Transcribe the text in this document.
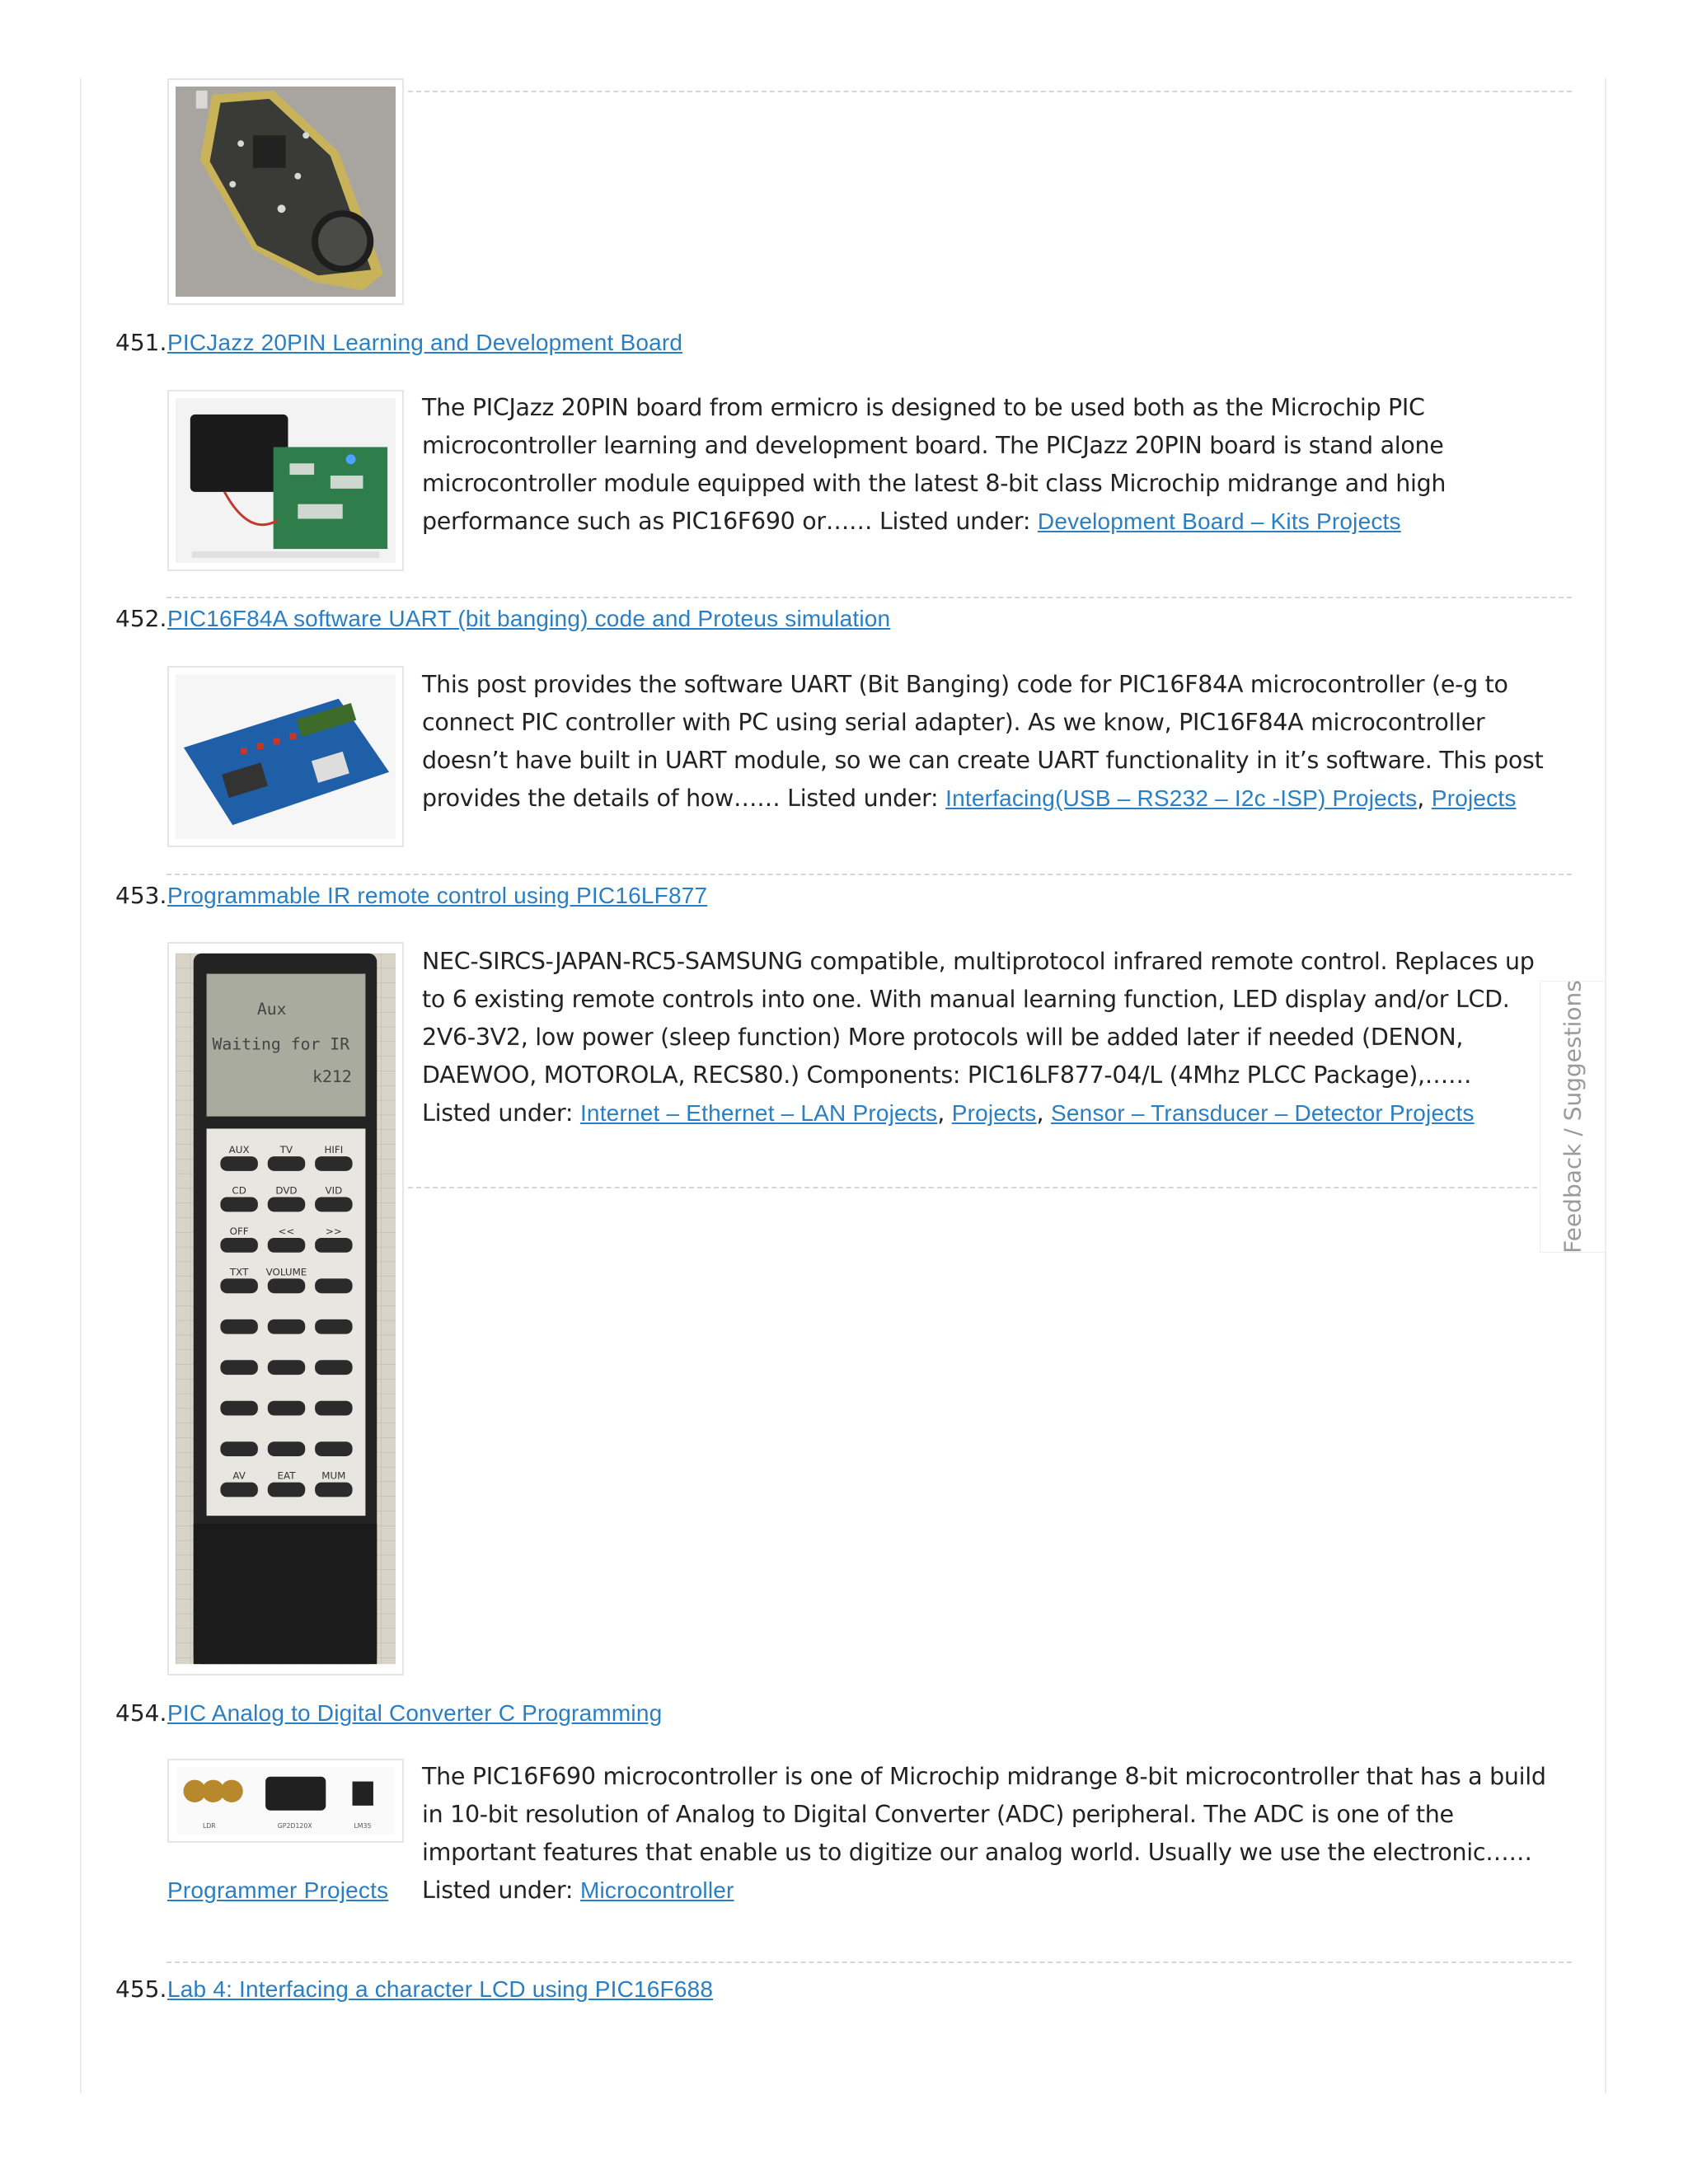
451. PICJazz 20PIN Learning and Development Board
The PICJazz 20PIN board from ermicro is designed to be used both as the Microchip PIC microcontroller learning and development board. The PICJazz 20PIN board is stand alone microcontroller module equipped with the latest 8-bit class Microchip midrange and high performance such as PIC16F690 or…… Listed under: Development Board – Kits Projects
452. PIC16F84A software UART (bit banging) code and Proteus simulation
This post provides the software UART (Bit Banging) code for PIC16F84A microcontroller (e-g to connect PIC controller with PC using serial adapter). As we know, PIC16F84A microcontroller doesn’t have built in UART module, so we can create UART functionality in it’s software. This post provides the details of how…… Listed under: Interfacing(USB – RS232 – I2c -ISP) Projects, Projects
453. Programmable IR remote control using PIC16LF877
Aux
Waiting for IR
k212
AUX	TV	HIFI
CD	DVD	VID
OFF	<<	>>
TXT VOLUME
AV	EAT	MUM
NEC-SIRCS-JAPAN-RC5-SAMSUNG compatible, multiprotocol infrared remote control. Replaces up to 6 existing remote controls into one. With manual learning function, LED display and/or LCD. 2V6-3V2, low power (sleep function) More protocols will be added later if needed (DENON, DAEWOO, MOTOROLA, RECS80.) Components: PIC16LF877-04/L (4Mhz PLCC Package),…… Listed under: Internet – Ethernet – LAN Projects, Projects, Sensor – Transducer – Detector Projects
454. PIC Analog to Digital Converter C Programming
LDR	GP2D120X	LM35
The PIC16F690 microcontroller is one of Microchip midrange 8-bit microcontroller that has a build in 10-bit resolution of Analog to Digital Converter (ADC) peripheral. The ADC is one of the important features that enable us to digitize our analog world. Usually we use the electronic…… Listed under: Microcontroller
Programmer Projects
455. Lab 4: Interfacing a character LCD using PIC16F688
Feedback / Suggestions
